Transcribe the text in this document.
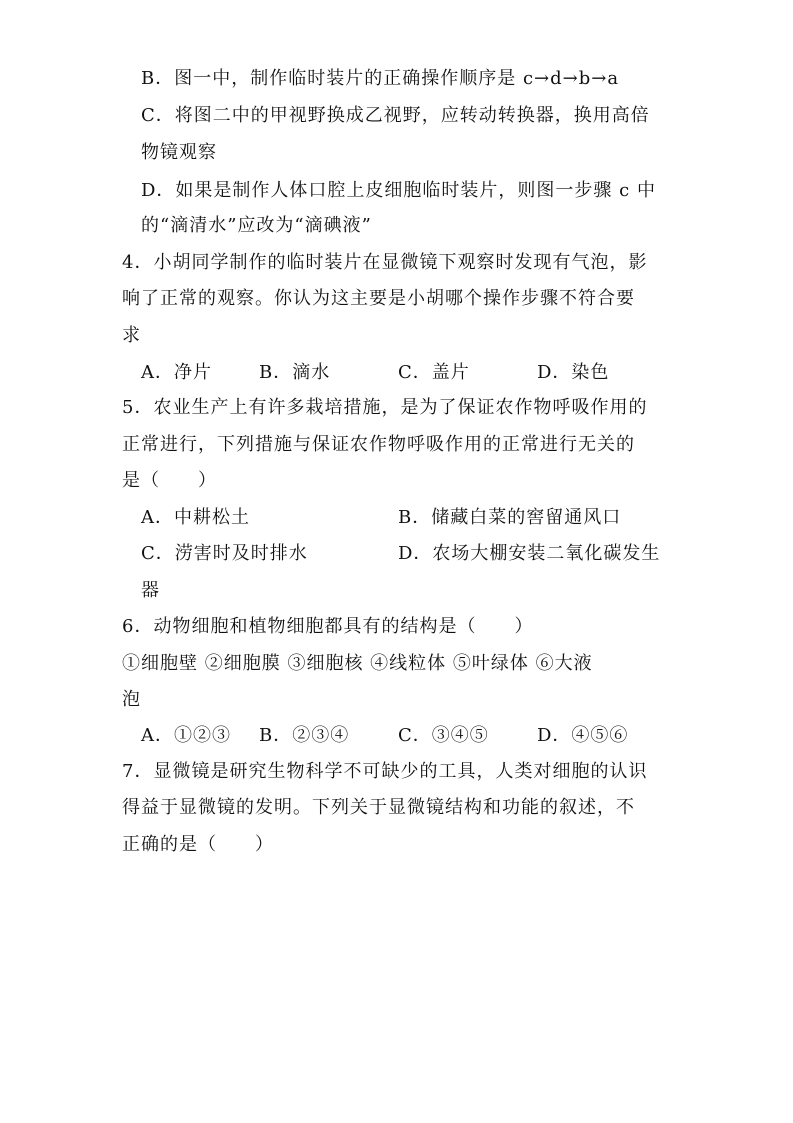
B．图一中，制作临时装片的正确操作顺序是 c→d→b→a
C．将图二中的甲视野换成乙视野，应转动转换器，换用高倍
物镜观察
D．如果是制作人体口腔上皮细胞临时装片，则图一步骤 c 中
的“滴清水”应改为“滴碘液”
4．小胡同学制作的临时装片在显微镜下观察时发现有气泡，影
响了正常的观察。你认为这主要是小胡哪个操作步骤不符合要
求
A．净片	B．滴水	C．盖片	D．染色
5．农业生产上有许多栽培措施，是为了保证农作物呼吸作用的
正常进行，下列措施与保证农作物呼吸作用的正常进行无关的
是（　　）
A．中耕松土	B．储藏白菜的窖留通风口
C．涝害时及时排水	D．农场大棚安装二氧化碳发生
器
6．动物细胞和植物细胞都具有的结构是（　　）
①细胞壁 ②细胞膜 ③细胞核 ④线粒体 ⑤叶绿体 ⑥大液
泡
A．①②③ B．②③④	C．③④⑤	D．④⑤⑥
7．显微镜是研究生物科学不可缺少的工具，人类对细胞的认识
得益于显微镜的发明。下列关于显微镜结构和功能的叙述，不
正确的是（　　）
